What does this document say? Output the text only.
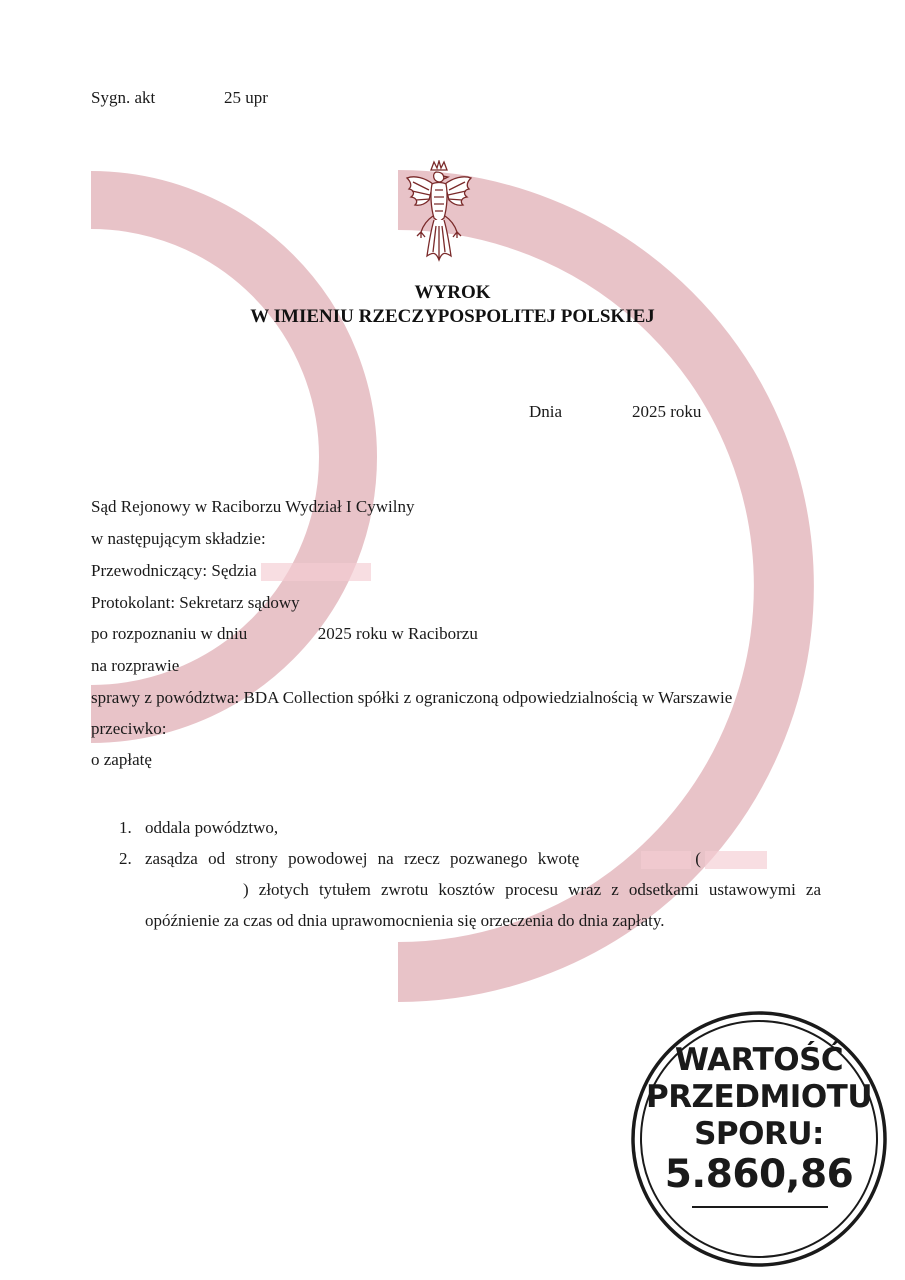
Sygn. akt	25 upr
WYROK
W IMIENIU RZECZYPOSPOLITEJ POLSKIEJ
Dnia	2025 roku
Sąd Rejonowy w Raciborzu Wydział I Cywilny
w następującym składzie:
Przewodniczący: Sędzia
Protokolant: Sekretarz sądowy
po rozpoznaniu w dniu	2025 roku w Raciborzu
na rozprawie
sprawy z powództwa: BDA Collection spółki z ograniczoną odpowiedzialnością w Warszawie
przeciwko:
o zapłatę
1. oddala powództwo,
2. zasądza od strony powodowej na rzecz pozwanego kwotę	(
) złotych tytułem zwrotu kosztów procesu wraz z odsetkami ustawowymi za
opóźnienie za czas od dnia uprawomocnienia się orzeczenia do dnia zapłaty.
WARTOŚĆ
PRZEDMIOTU
SPORU:
5.860,86
